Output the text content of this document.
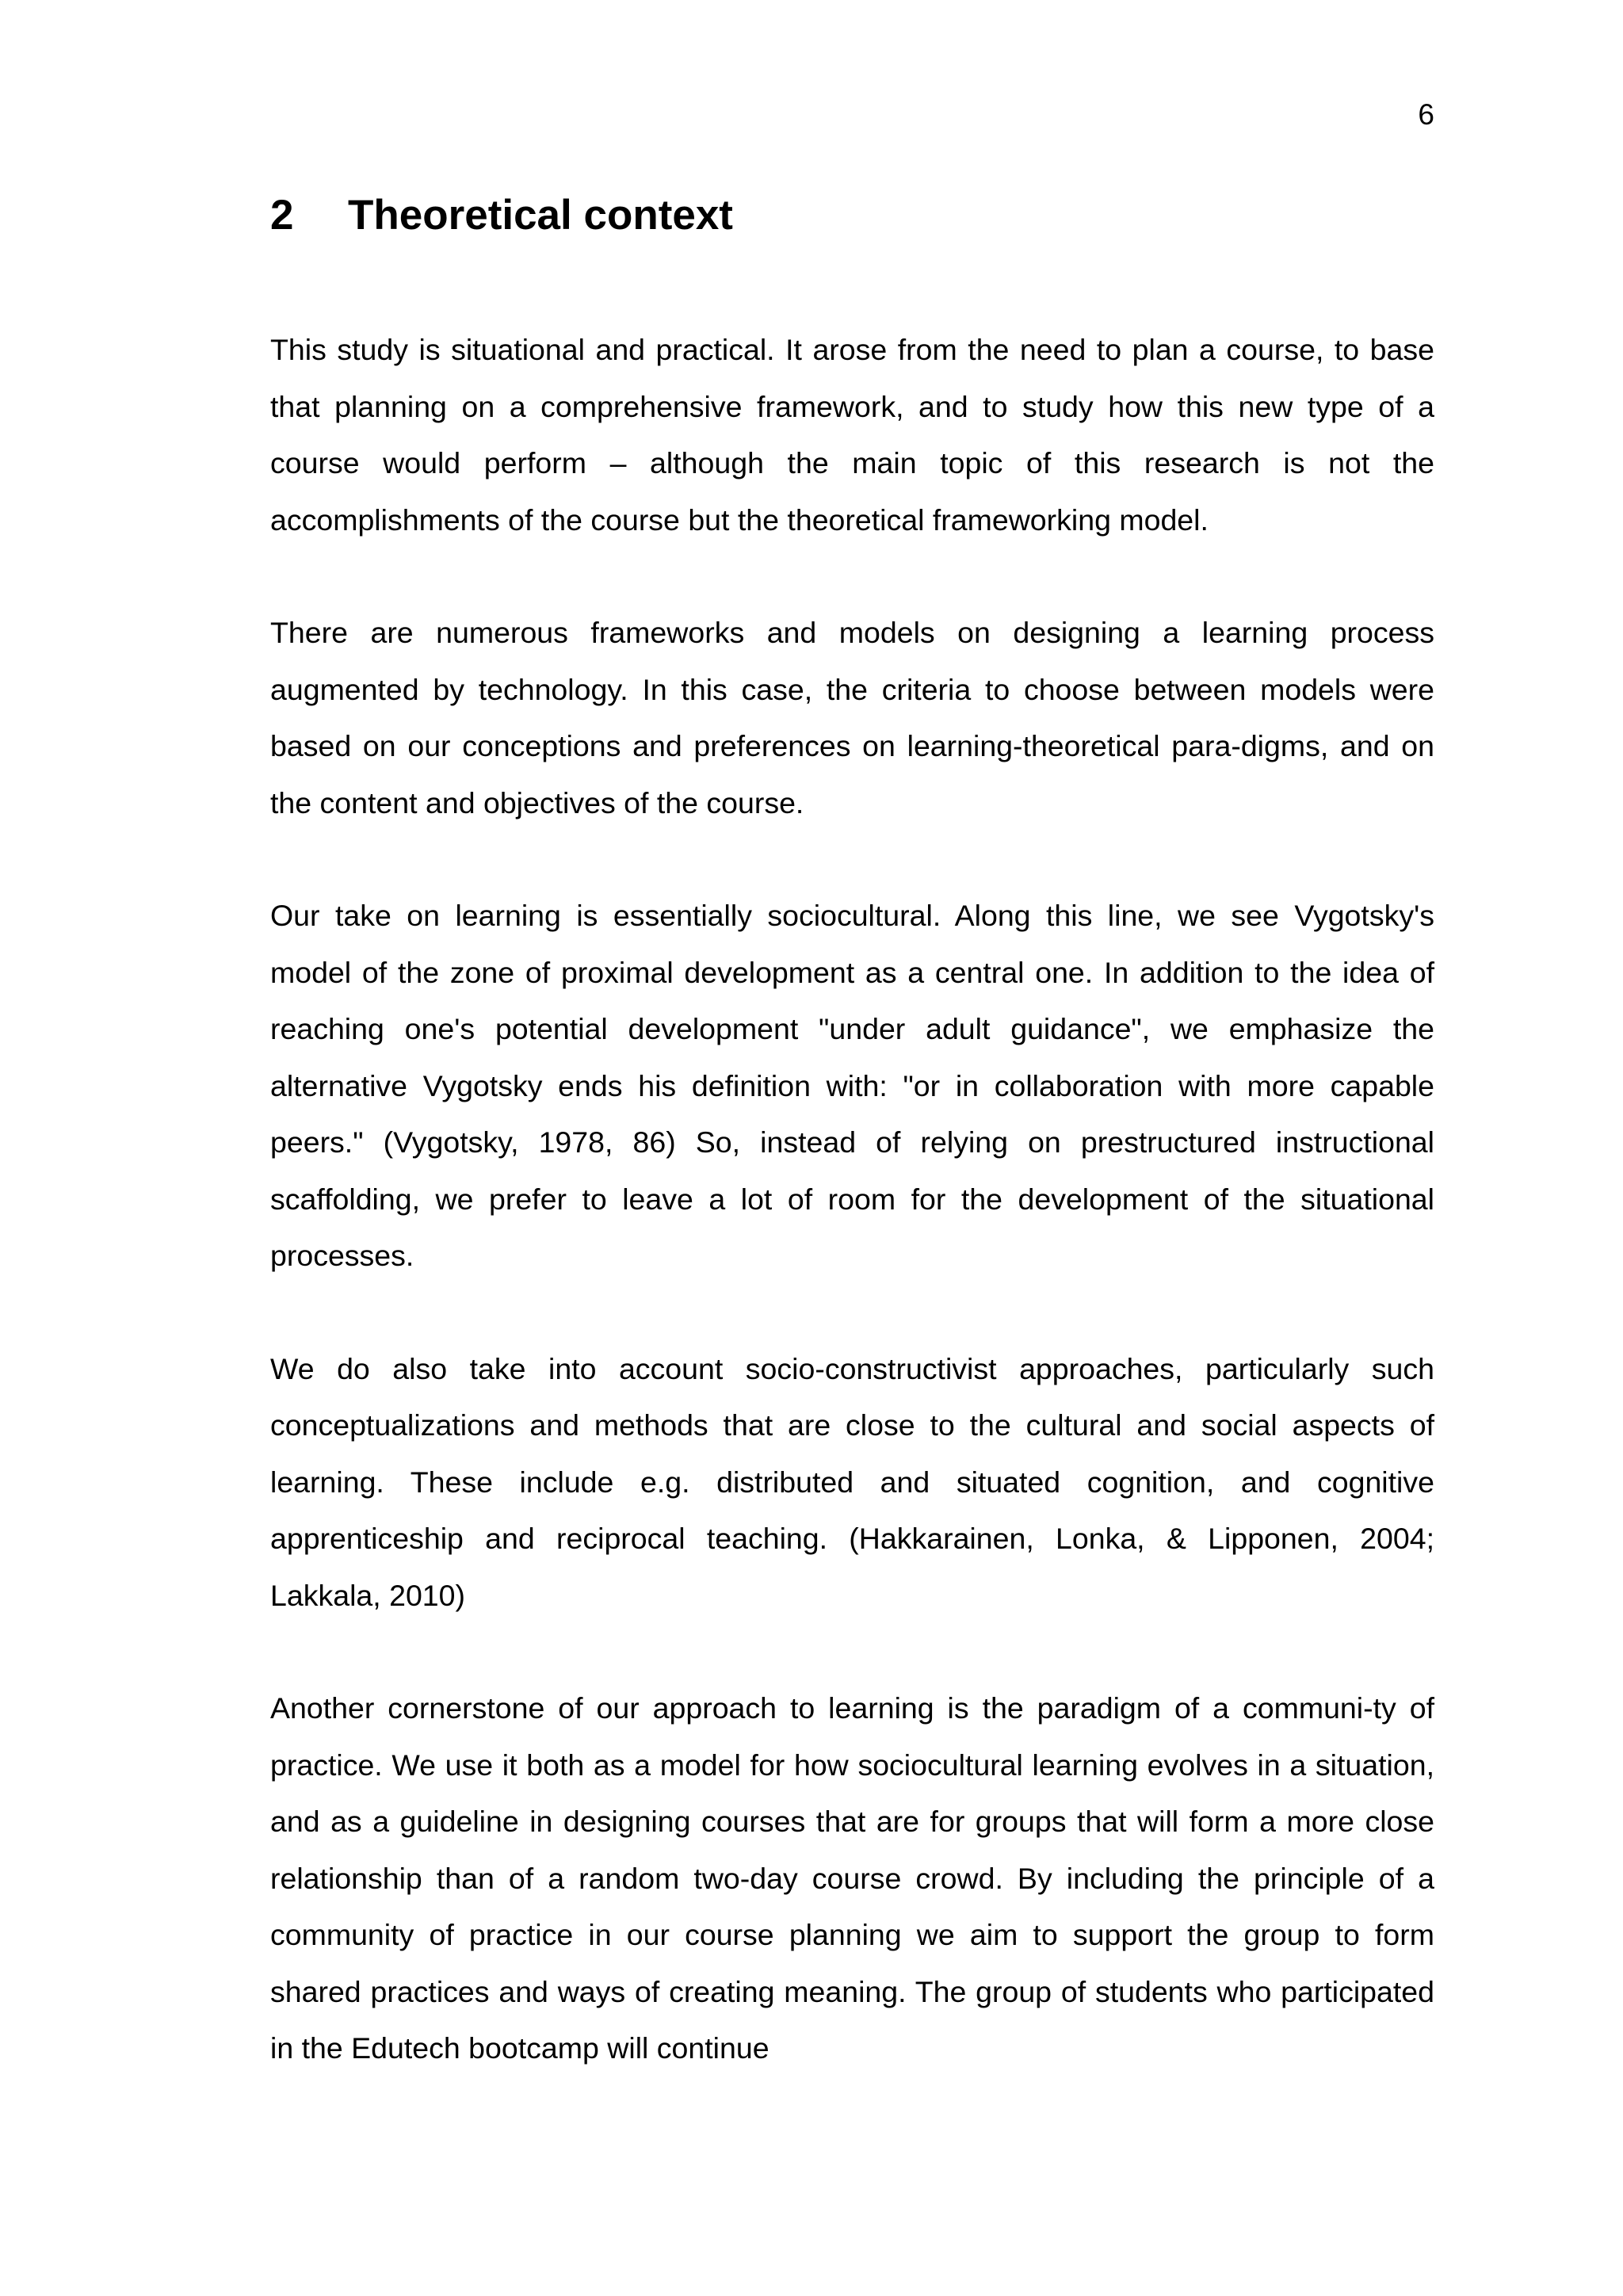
6
2	Theoretical context

This study is situational and practical. It arose from the need to plan a course, to base that planning on a comprehensive framework, and to study how this new type of a course would perform – although the main topic of this research is not the accomplishments of the course but the theoretical frameworking model.

There are numerous frameworks and models on designing a learning process augmented by technology. In this case, the criteria to choose between models were based on our conceptions and preferences on learning-theoretical para-digms, and on the content and objectives of the course.

Our take on learning is essentially sociocultural. Along this line, we see Vygotsky's model of the zone of proximal development as a central one. In addition to the idea of reaching one's potential development "under adult guidance", we emphasize the alternative Vygotsky ends his definition with: "or in collaboration with more capable peers." (Vygotsky, 1978, 86) So, instead of relying on prestructured instructional scaffolding, we prefer to leave a lot of room for the development of the situational processes.

We do also take into account socio-constructivist approaches, particularly such conceptualizations and methods that are close to the cultural and social aspects of learning. These include e.g. distributed and situated cognition, and cognitive apprenticeship and reciprocal teaching. (Hakkarainen, Lonka, & Lipponen, 2004; Lakkala, 2010)

Another cornerstone of our approach to learning is the paradigm of a communi-ty of practice. We use it both as a model for how sociocultural learning evolves in a situation, and as a guideline in designing courses that are for groups that will form a more close relationship than of a random two-day course crowd. By including the principle of a community of practice in our course planning we aim to support the group to form shared practices and ways of creating meaning. The group of students who participated in the Edutech bootcamp will continue
